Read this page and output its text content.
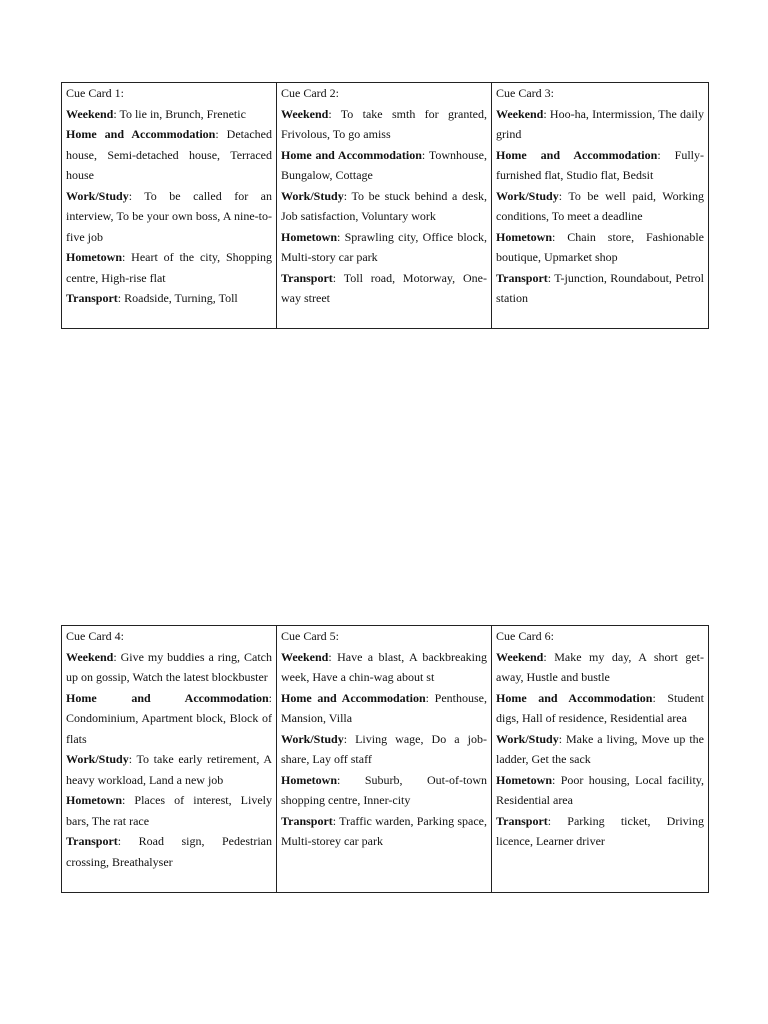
Cue Card 1:
Weekend: To lie in, Brunch, Frenetic
Home and Accommodation: Detached house, Semi-detached house, Terraced house
Work/Study: To be called for an interview, To be your own boss, A nine-to-five job
Hometown: Heart of the city, Shopping centre, High-rise flat
Transport: Roadside, Turning, Toll

Cue Card 2:
Weekend: To take smth for granted, Frivolous, To go amiss
Home and Accommodation: Townhouse, Bungalow, Cottage
Work/Study: To be stuck behind a desk, Job satisfaction, Voluntary work
Hometown: Sprawling city, Office block, Multi-story car park
Transport: Toll road, Motorway, One-way street

Cue Card 3:
Weekend: Hoo-ha, Intermission, The daily grind
Home and Accommodation: Fully-furnished flat, Studio flat, Bedsit
Work/Study: To be well paid, Working conditions, To meet a deadline
Hometown: Chain store, Fashionable boutique, Upmarket shop
Transport: T-junction, Roundabout, Petrol station
Cue Card 4:
Weekend: Give my buddies a ring, Catch up on gossip, Watch the latest blockbuster
Home and Accommodation: Condominium, Apartment block, Block of flats
Work/Study: To take early retirement, A heavy workload, Land a new job
Hometown: Places of interest, Lively bars, The rat race
Transport: Road sign, Pedestrian crossing, Breathalyser

Cue Card 5:
Weekend: Have a blast, A backbreaking week, Have a chin-wag about st
Home and Accommodation: Penthouse, Mansion, Villa
Work/Study: Living wage, Do a job-share, Lay off staff
Hometown: Suburb, Out-of-town shopping centre, Inner-city
Transport: Traffic warden, Parking space, Multi-storey car park

Cue Card 6:
Weekend: Make my day, A short get-away, Hustle and bustle
Home and Accommodation: Student digs, Hall of residence, Residential area
Work/Study: Make a living, Move up the ladder, Get the sack
Hometown: Poor housing, Local facility, Residential area
Transport: Parking ticket, Driving licence, Learner driver
